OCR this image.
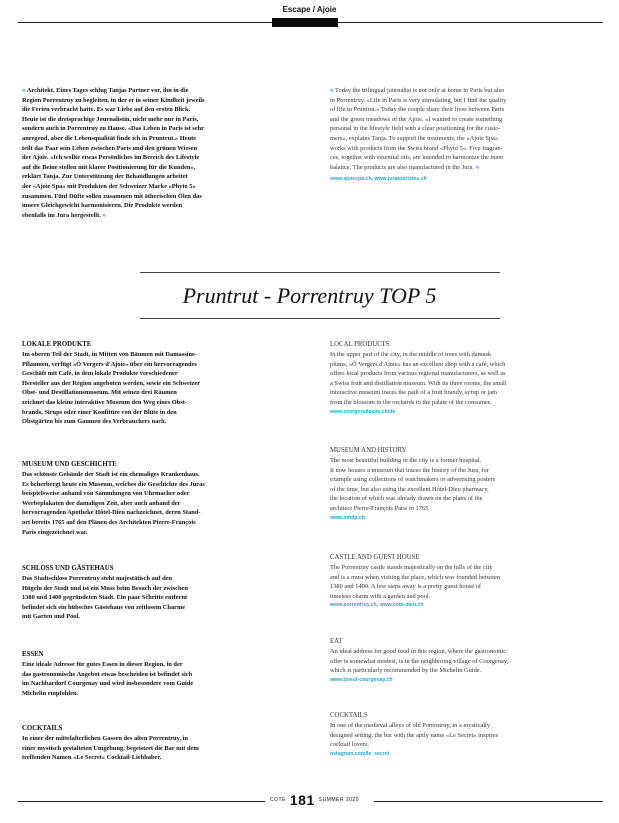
Escape / Ajoie
» Architekt. Eines Tages schlug Tanjas Partner vor, ihn in die
Region Porrentruy zu begleiten, in der er in seiner Kindheit jeweils
die Ferien verbracht hatte. Es war Liebe auf den ersten Blick.
Heute ist die dreisprachige Journalistin, nicht mehr nur in Paris,
sondern auch in Porrentruy zu Hause. «Das Leben in Paris ist sehr
anregend, aber die Lebensqualität finde ich in Pruntrut.» Heute
teilt das Paar sein Leben zwischen Paris und den grünen Wiesen
der Ajoie. «Ich wollte etwas Persönliches im Bereich des Lifestyle
auf die Beine stellen mit klarer Positionierung für die Kunden»,
erklärt Tanja. Zur Unterstützung der Behandlungen arbeitet
der «Ajoie Spa» mit Produkten der Schweizer Marke «Phyto 5»
zusammen. Fünf Düfte sollen zusammen mit ätherischen Ölen das
innere Gleichgewicht harmonisieren. Die Produkte werden
ebenfalls im Jura hergestellt. «
» Today the trilingual journalist is not only at home in Paris but also
in Porrentruy. «Life in Paris is very stimulating, but I find the quality
of life in Pruntrut.» Today the couple share their lives between Paris
and the green meadows of the Ajoie. «I wanted to create something
personal in the lifestyle field with a clear positioning for the custo-
mers», explains Tanja. To support the treatments, the «Ajoie Spa»
works with products from the Swiss brand «Phyto 5». Five fragran-
ces, together with essential oils, are intended to harmonize the inner
balance. The products are also manufactured in the Jura. «
www.ajoiespa.ch, www.juratourisme.ch
Pruntrut - Porrentruy TOP 5
LOKALE PRODUKTE
Im oberen Teil der Stadt, in Mitten von Bäumen mit Damassine-
Pflaumen, verfügt «Ô Vergers d'Ajoie» über ein hervorragendes
Geschäft mit Café, in dem lokale Produkte verschiedener
Hersteller aus der Region angeboten werden, sowie ein Schweizer
Obst- und Destillationsmuseum. Mit seinen drei Räumen
zeichnet das kleine interaktive Museum den Weg eines Obst-
brands, Sirups oder einer Konfitüre von der Blüte in den
Obstgärten bis zum Gaumen des Verbrauchers nach.
MUSEUM UND GESCHICHTE
Das schönste Gebäude der Stadt ist ein ehemaliges Krankenhaus.
Es beherbergt heute ein Museum, welches die Geschichte des Juras
beispielsweise anhand von Sammlungen von Uhrmacher oder
Werbeplakaten der damaligen Zeit, aber auch anhand der
hervorragenden Apotheke Hôtel-Dieu nachzeichnet, deren Stand-
ort bereits 1765 auf den Plänen des Architekten Pierre-François
Paris eingezeichnet war.
SCHLOSS UND GÄSTEHAUS
Das Stadtschloss Porrentruy steht majestätisch auf den
Hügeln der Stadt und ist ein Muss beim Besuch der zwischen
1380 und 1400 gegründeten Stadt. Ein paar Schritte entfernt
befindet sich ein hübsches Gästehaus von zeitlosem Charme
mit Garten und Pool.
ESSEN
Eine ideale Adresse für gutes Essen in dieser Region, in der
das gastronomische Angebot etwas bescheiden ist befindet sich
im Nachbardorf Courgenay und wird insbesondere vom Guide
Michelin empfohlen.
COCKTAILS
In einer der mittelalterlichen Gassen des alten Porrentruy, in
einer mystisch gestalteten Umgebung, begeistert die Bar mit dem
treffenden Namen «Le Secret» Cocktail-Liebhaber.
LOCAL PRODUCTS
In the upper part of the city, in the middle of trees with damask
plums, «Ô Vergers d'Ajoie» has an excellent shop with a café, which
offers local products from various regional manufacturers, as well as
a Swiss fruit and distillation museum. With its three rooms, the small
interactive museum traces the path of a fruit brandy, syrup or jam
from the blossom in the orchards to the palate of the consumer.
www.overgersdajoie.ch/de
MUSEUM AND HISTORY
The most beautiful building in the city is a former hospital.
It now houses a museum that traces the history of the Jura, for
example using collections of watchmakers or advertising posters
of the time, but also using the excellent Hôtel-Dieu pharmacy,
the location of which was already drawn on the plans of the
architect Pierre-François Paris in 1765.
www.mhdp.ch
CASTLE AND GUEST HOUSE
The Porrentruy castle stands majestically on the hills of the city
and is a must when visiting the place, which was founded between
1380 and 1400. A few steps away is a pretty guest house of
timeless charm with a garden and pool.
www.porrentruy.ch, www.cote-dieu.ch
EAT
An ideal address for good food in this region, where the gastronomic
offer is somewhat modest, is in the neighboring village of Courgenay,
which is particularly recommended by the Michelin Guide.
www.boeuf-courgenay.ch
COCKTAILS
In one of the medieval alleys of old Porrentruy, in a mystically
designed setting, the bar with the aptly name «Le Secret» inspires
cocktail lovers.
nstagram.com/le_secret
COTE 181 SUMMER 2020
